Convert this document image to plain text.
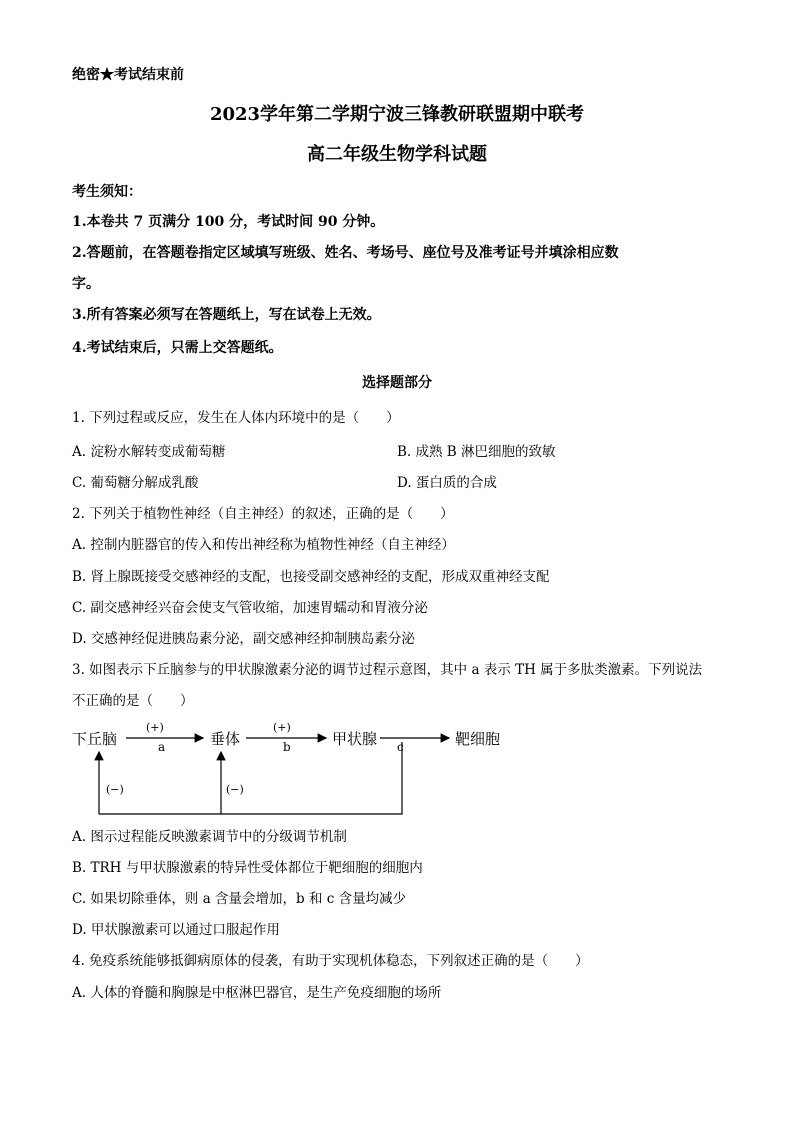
绝密★考试结束前
2023学年第二学期宁波三锋教研联盟期中联考
高二年级生物学科试题
考生须知：
1.本卷共 7 页满分 100 分，考试时间 90 分钟。
2.答题前，在答题卷指定区域填写班级、姓名、考场号、座位号及准考证号并填涂相应数
字。
3.所有答案必须写在答题纸上，写在试卷上无效。
4.考试结束后，只需上交答题纸。
选择题部分
1. 下列过程或反应，发生在人体内环境中的是（　　）
A. 淀粉水解转变成葡萄糖	B. 成熟 B 淋巴细胞的致敏
C. 葡萄糖分解成乳酸	D. 蛋白质的合成
2. 下列关于植物性神经（自主神经）的叙述，正确的是（　　）
A. 控制内脏器官的传入和传出神经称为植物性神经（自主神经）
B. 肾上腺既接受交感神经的支配，也接受副交感神经的支配，形成双重神经支配
C. 副交感神经兴奋会使支气管收缩，加速胃蠕动和胃液分泌
D. 交感神经促进胰岛素分泌，副交感神经抑制胰岛素分泌
3. 如图表示下丘脑参与的甲状腺激素分泌的调节过程示意图，其中 a 表示 TH 属于多肽类激素。下列说法
不正确的是（　　）
下丘脑	垂体	甲状腺	靶细胞
(+)
a
(+)
b	c
(−)	(−)
A. 图示过程能反映激素调节中的分级调节机制
B. TRH 与甲状腺激素的特异性受体都位于靶细胞的细胞内
C. 如果切除垂体，则 a 含量会增加，b 和 c 含量均减少
D. 甲状腺激素可以通过口服起作用
4. 免疫系统能够抵御病原体的侵袭，有助于实现机体稳态，下列叙述正确的是（　　）
A. 人体的脊髓和胸腺是中枢淋巴器官，是生产免疫细胞的场所
